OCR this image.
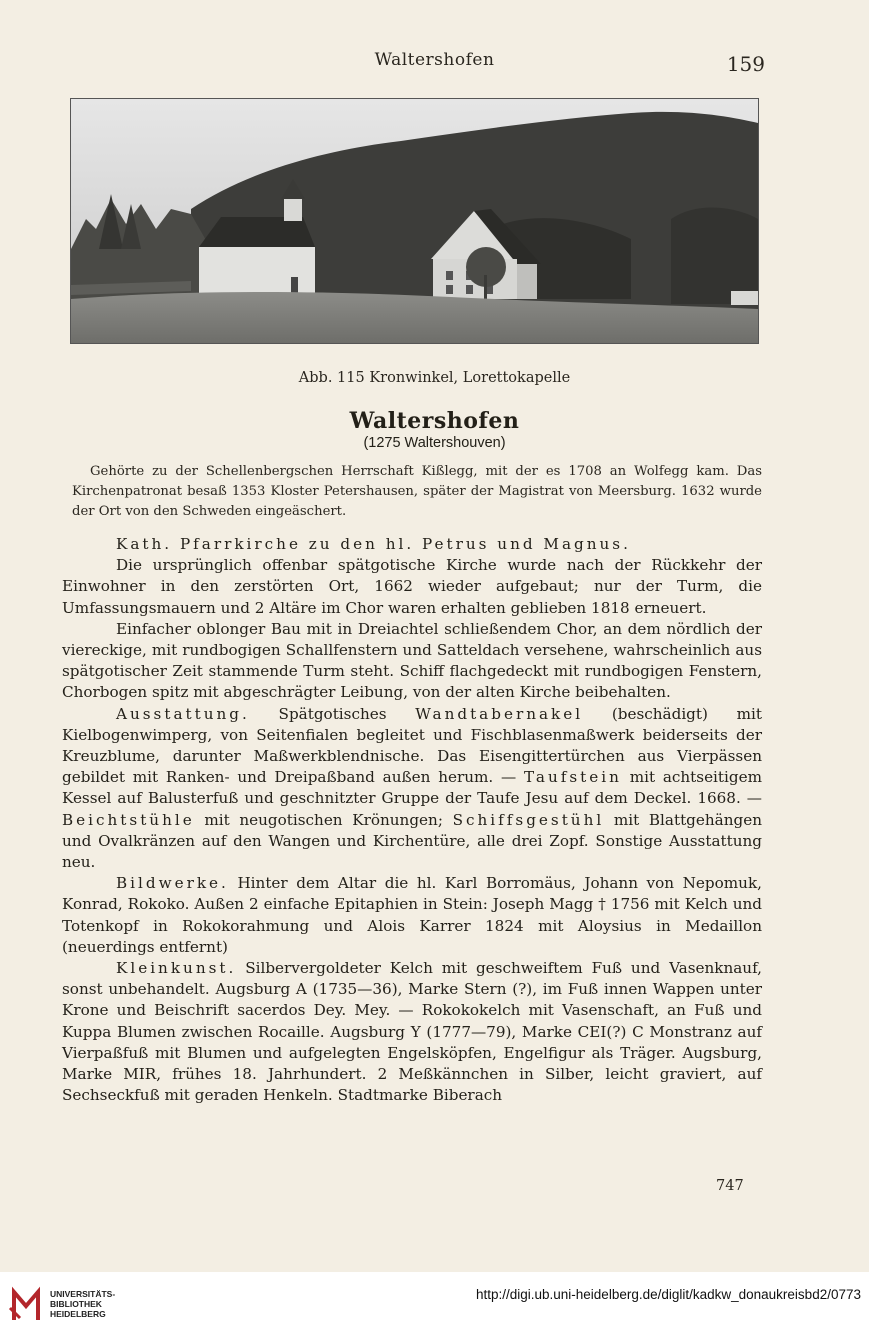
Waltershofen	159
Abb. 115 Kronwinkel, Lorettokapelle
Waltershofen
(1275 Waltershouven)
Gehörte zu der Schellenbergschen Herrschaft Kißlegg, mit der es 1708 an Wolfegg kam. Das Kirchenpatronat besaß 1353 Kloster Petershausen, später der Magistrat von Meersburg. 1632 wurde der Ort von den Schweden eingeäschert.

Kath. Pfarrkirche zu den hl. Petrus und Magnus.

Die ursprünglich offenbar spätgotische Kirche wurde nach der Rückkehr der Einwohner in den zerstörten Ort, 1662 wieder aufgebaut; nur der Turm, die Umfassungsmauern und 2 Altäre im Chor waren erhalten geblieben 1818 erneuert.

Einfacher oblonger Bau mit in Dreiachtel schließendem Chor, an dem nördlich der viereckige, mit rundbogigen Schallfenstern und Satteldach versehene, wahrscheinlich aus spätgotischer Zeit stammende Turm steht. Schiff flachgedeckt mit rundbogigen Fenstern, Chorbogen spitz mit abgeschrägter Leibung, von der alten Kirche beibehalten.

Ausstattung. Spätgotisches Wandtabernakel (beschädigt) mit Kielbogenwimperg, von Seitenfialen begleitet und Fischblasenmaßwerk beiderseits der Kreuzblume, darunter Maßwerkblendnische. Das Eisengittertürchen aus Vierpässen gebildet mit Ranken- und Dreipaßband außen herum. — Taufstein mit achtseitigem Kessel auf Balusterfuß und geschnitzter Gruppe der Taufe Jesu auf dem Deckel. 1668. — Beichtstühle mit neugotischen Krönungen; Schiffsgestühl mit Blattgehängen und Ovalkränzen auf den Wangen und Kirchentüre, alle drei Zopf. Sonstige Ausstattung neu.

Bildwerke. Hinter dem Altar die hl. Karl Borromäus, Johann von Nepomuk, Konrad, Rokoko. Außen 2 einfache Epitaphien in Stein: Joseph Magg † 1756 mit Kelch und Totenkopf in Rokokorahmung und Alois Karrer 1824 mit Aloysius in Medaillon (neuerdings entfernt)

Kleinkunst. Silbervergoldeter Kelch mit geschweiftem Fuß und Vasenknauf, sonst unbehandelt. Augsburg A (1735—36), Marke Stern (?), im Fuß innen Wappen unter Krone und Beischrift sacerdos Dey. Mey. — Rokokokelch mit Vasenschaft, an Fuß und Kuppa Blumen zwischen Rocaille. Augsburg Y (1777—79), Marke CEI(?) C Monstranz auf Vierpaßfuß mit Blumen und aufgelegten Engelsköpfen, Engelfigur als Träger. Augsburg, Marke MIR, frühes 18. Jahrhundert. 2 Meßkännchen in Silber, leicht graviert, auf Sechseckfuß mit geraden Henkeln. Stadtmarke Biberach

747
UNIVERSITÄTS-
BIBLIOTHEK
HEIDELBERG
http://digi.ub.uni-heidelberg.de/diglit/kadkw_donaukreisbd2/0773
